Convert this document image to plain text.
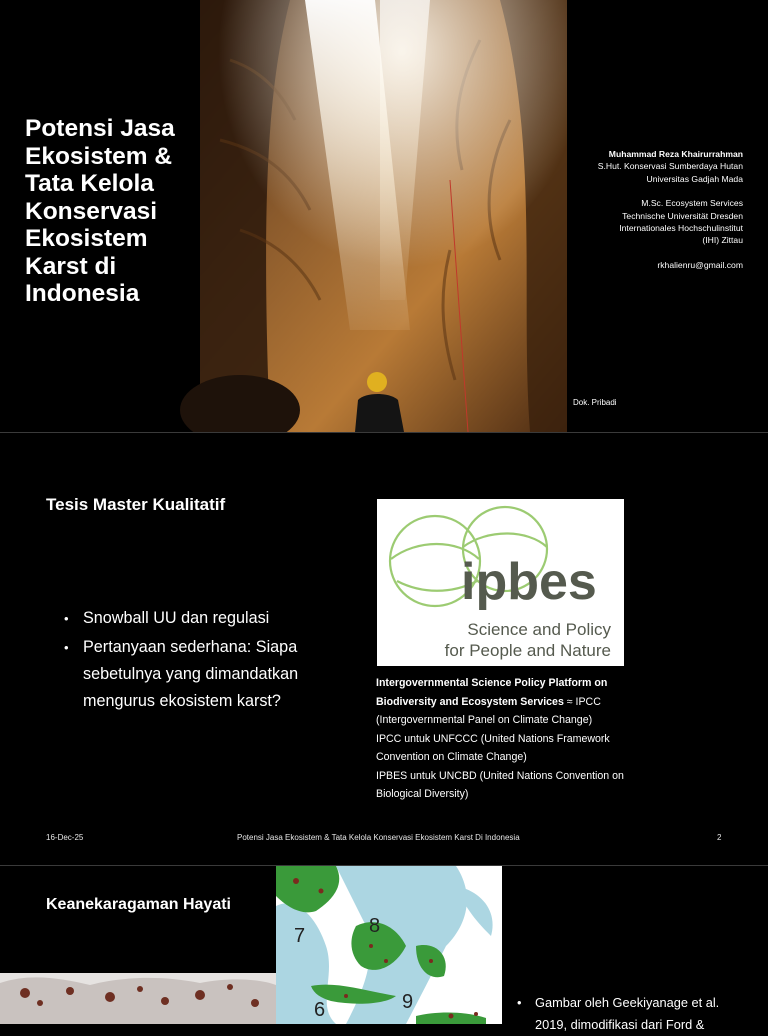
Potensi Jasa Ekosistem & Tata Kelola Konservasi Ekosistem Karst di Indonesia
Muhammad Reza Khairurrahman
S.Hut. Konservasi Sumberdaya Hutan
Universitas Gadjah Mada
M.Sc. Ecosystem Services
Technische Universität Dresden
Internationales Hochschulinstitut
(IHI) Zittau
rkhalienru@gmail.com
Dok. Pribadi
Tesis Master Kualitatif
• Snowball UU dan regulasi
• Pertanyaan sederhana: Siapa sebetulnya yang dimandatkan mengurus ekosistem karst?
ipbes
Science and Policy
for People and Nature
Intergovernmental Science Policy Platform on Biodiversity and Ecosystem Services ≈ IPCC (Intergovernmental Panel on Climate Change)
IPCC untuk UNFCCC (United Nations Framework Convention on Climate Change)
IPBES untuk UNCBD (United Nations Convention on Biological Diversity)
16-Dec-25	Potensi Jasa Ekosistem & Tata Kelola Konservasi Ekosistem Karst Di Indonesia	2
Keanekaragaman Hayati
7	8
6	9
•	Gambar oleh Geekiyanage et al. 2019, dimodifikasi dari Ford &
